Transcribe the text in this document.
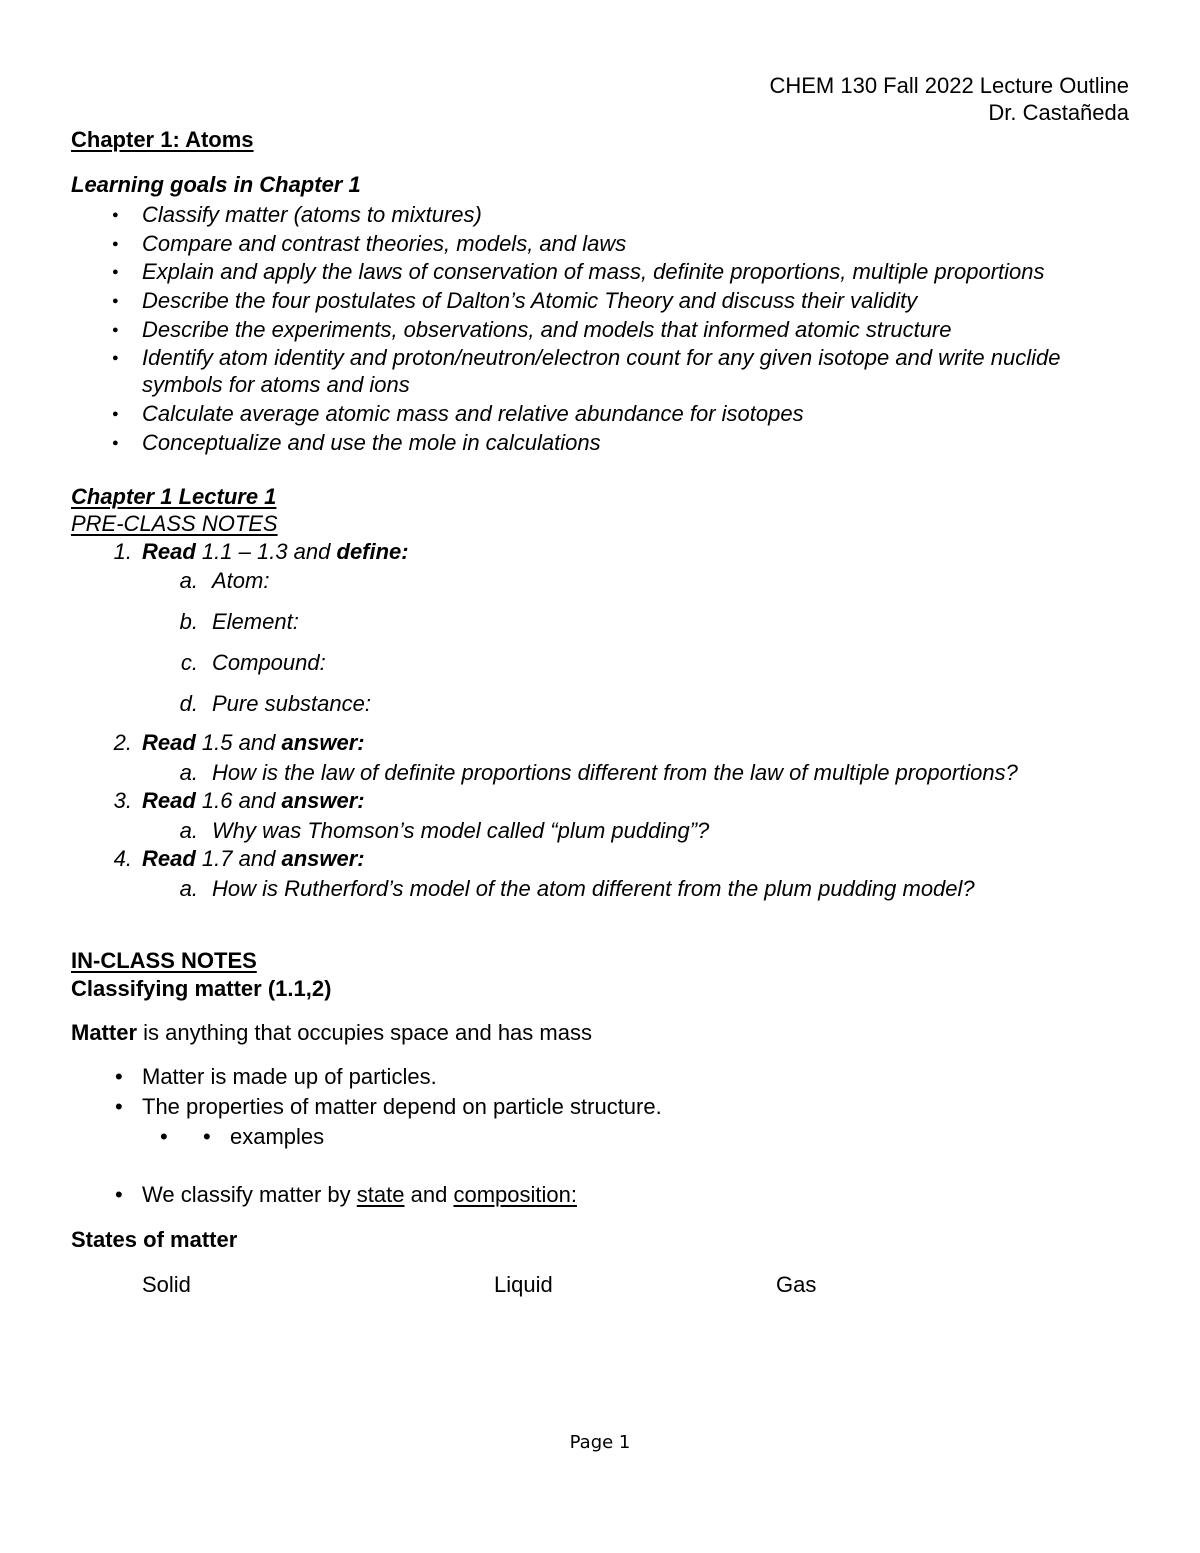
CHEM 130 Fall 2022 Lecture Outline
Dr. Castañeda
Chapter 1: Atoms
Learning goals in Chapter 1
● Classify matter (atoms to mixtures)
● Compare and contrast theories, models, and laws
● Explain and apply the laws of conservation of mass, definite proportions, multiple proportions
● Describe the four postulates of Dalton’s Atomic Theory and discuss their validity
● Describe the experiments, observations, and models that informed atomic structure
● Identify atom identity and proton/neutron/electron count for any given isotope and write nuclide
symbols for atoms and ions
● Calculate average atomic mass and relative abundance for isotopes
● Conceptualize and use the mole in calculations
Chapter 1 Lecture 1
PRE-CLASS NOTES
1. Read 1.1 – 1.3 and define:
a. Atom:
b. Element:
c. Compound:
d. Pure substance:
2. Read 1.5 and answer:
a. How is the law of definite proportions different from the law of multiple proportions?
3. Read 1.6 and answer:
a. Why was Thomson’s model called “plum pudding”?
4. Read 1.7 and answer:
a. How is Rutherford’s model of the atom different from the plum pudding model?
IN-CLASS NOTES
Classifying matter (1.1,2)
Matter is anything that occupies space and has mass
• Matter is made up of particles.
• The properties of matter depend on particle structure.
• •	examples
• We classify matter by state and composition:
States of matter
Solid	Liquid	Gas
Page 1
